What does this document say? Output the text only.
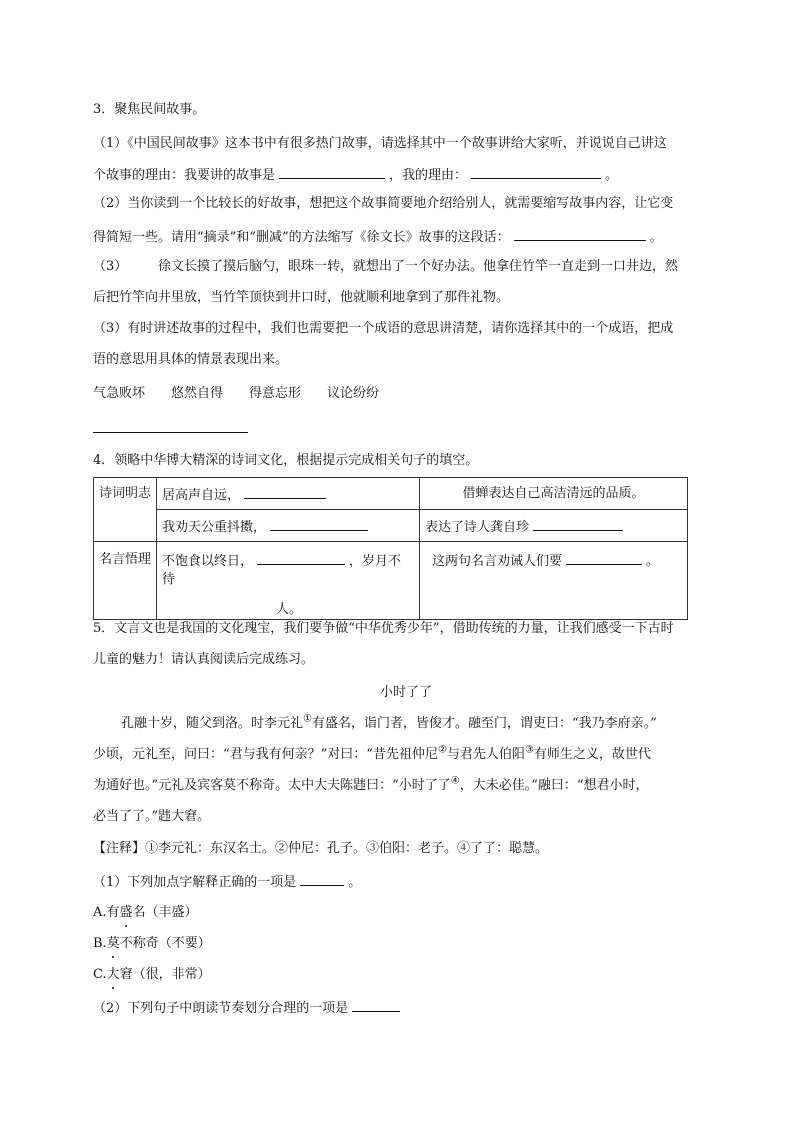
3．聚焦民间故事。
（1）《中国民间故事》这本书中有很多热门故事，请选择其中一个故事讲给大家听，并说说自己讲这
个故事的理由：我要讲的故事是	，我的理由：	。
（2）当你读到一个比较长的好故事，想把这个故事简要地介绍给别人，就需要缩写故事内容，让它变
得简短一些。请用“摘录”和“删减”的方法缩写《徐文长》故事的这段话：	。
（3） 徐文长摸了摸后脑勺，眼珠一转，就想出了一个好办法。他拿住竹竿一直走到一口井边，然
后把竹竿向井里放，当竹竿顶快到井口时，他就顺利地拿到了那件礼物。
（3）有时讲述故事的过程中，我们也需要把一个成语的意思讲清楚，请你选择其中的一个成语，把成
语的意思用具体的情景表现出来。
气急败坏 悠然自得 得意忘形 议论纷纷
4．领略中华博大精深的诗词文化，根据提示完成相关句子的填空。
诗词明志	居高声自远，	借蝉表达自己高洁清远的品质。
	我劝天公重抖擞，	表达了诗人龚自珍
名言悟理	不饱食以终日， ，岁月不待
人。	这两句名言劝诫人们要 。
5．文言文也是我国的文化瑰宝，我们要争做“中华优秀少年”，借助传统的力量，让我们感受一下古时
儿童的魅力！请认真阅读后完成练习。
小时了了
孔融十岁，随父到洛。时李元礼①有盛名，诣门者，皆俊才。融至门，谓吏曰：“我乃李府亲。”
少顷，元礼至，问曰：“君与我有何亲？”对曰：“昔先祖仲尼②与君先人伯阳③有师生之义，故世代
为通好也。”元礼及宾客莫不称奇。太中大夫陈韪曰：“小时了了④，大未必佳。”融曰：“想君小时，
必当了了。”韪大窘。
【注释】①李元礼：东汉名士。②仲尼：孔子。③伯阳：老子。④了了：聪慧。
（1）下列加点字解释正确的一项是	。
A.有盛名（丰盛）
B.莫不称奇（不要）
C.大窘（很，非常）
（2）下列句子中朗读节奏划分合理的一项是
